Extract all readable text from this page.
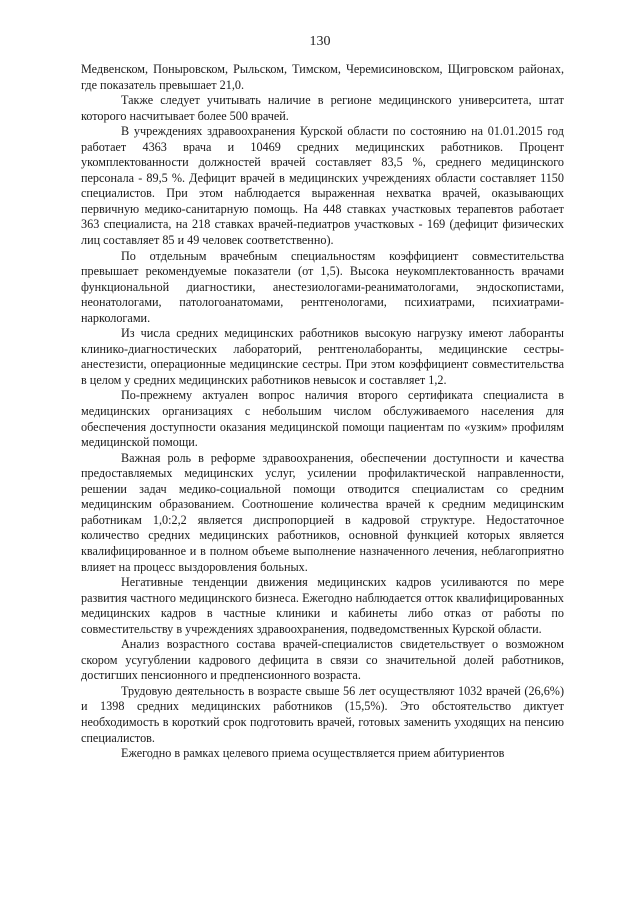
130

Медвенском, Поныровском, Рыльском, Тимском, Черемисиновском, Щигровском районах, где показатель превышает 21,0.

Также следует учитывать наличие в регионе медицинского университета, штат которого насчитывает более 500 врачей.

В учреждениях здравоохранения Курской области по состоянию на 01.01.2015 год работает 4363 врача и 10469 средних медицинских работников. Процент укомплектованности должностей врачей составляет 83,5 %, среднего медицинского персонала - 89,5 %. Дефицит врачей в медицинских учреждениях области составляет 1150 специалистов. При этом наблюдается выраженная нехватка врачей, оказывающих первичную медико-санитарную помощь. На 448 ставках участковых терапевтов работает 363 специалиста, на 218 ставках врачей-педиатров участковых - 169 (дефицит физических лиц составляет 85 и 49 человек соответственно).

По отдельным врачебным специальностям коэффициент совместительства превышает рекомендуемые показатели (от 1,5). Высока неукомплектованность врачами функциональной диагностики, анестезиологами-реаниматологами, эндоскопистами, неонатологами, патологоанатомами, рентгенологами, психиатрами, психиатрами-наркологами.

Из числа средних медицинских работников высокую нагрузку имеют лаборанты клинико-диагностических лабораторий, рентгенолаборанты, медицинские сестры-анестезисти, операционные медицинские сестры. При этом коэффициент совместительства в целом у средних медицинских работников невысок и составляет 1,2.

По-прежнему актуален вопрос наличия второго сертификата специалиста в медицинских организациях с небольшим числом обслуживаемого населения для обеспечения доступности оказания медицинской помощи пациентам по «узким» профилям медицинской помощи.

Важная роль в реформе здравоохранения, обеспечении доступности и качества предоставляемых медицинских услуг, усилении профилактической направленности, решении задач медико-социальной помощи отводится специалистам со средним медицинским образованием. Соотношение количества врачей к средним медицинским работникам 1,0:2,2 является диспропорцией в кадровой структуре. Недостаточное количество средних медицинских работников, основной функцией которых является квалифицированное и в полном объеме выполнение назначенного лечения, неблагоприятно влияет на процесс выздоровления больных.

Негативные тенденции движения медицинских кадров усиливаются по мере развития частного медицинского бизнеса. Ежегодно наблюдается отток квалифицированных медицинских кадров в частные клиники и кабинеты либо отказ от работы по совместительству в учреждениях здравоохранения, подведомственных Курской области.

Анализ возрастного состава врачей-специалистов свидетельствует о возможном скором усугублении кадрового дефицита в связи со значительной долей работников, достигших пенсионного и предпенсионного возраста.

Трудовую деятельность в возрасте свыше 56 лет осуществляют 1032 врачей (26,6%) и 1398 средних медицинских работников (15,5%). Это обстоятельство диктует необходимость в короткий срок подготовить врачей, готовых заменить уходящих на пенсию специалистов.

Ежегодно в рамках целевого приема осуществляется прием абитуриентов
